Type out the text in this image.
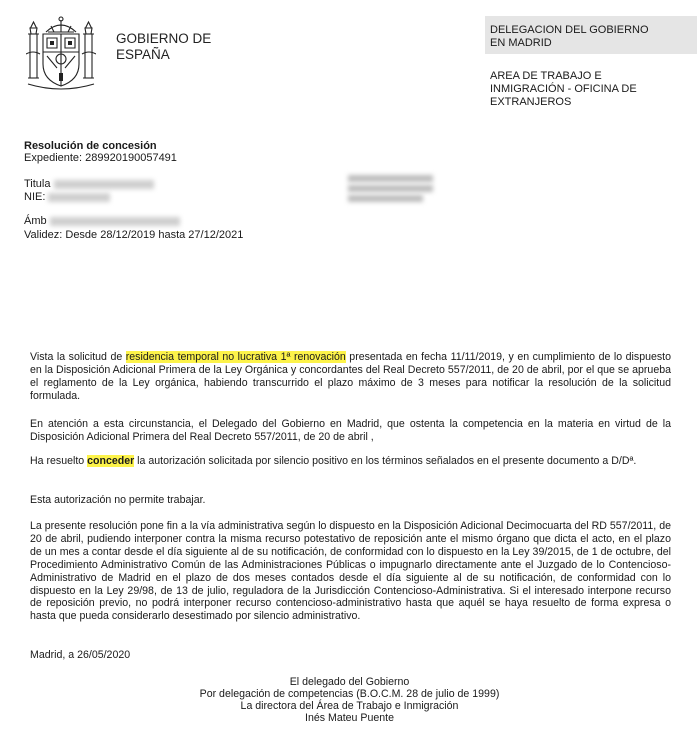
GOBIERNO DE
ESPAÑA
DELEGACION DEL GOBIERNO
EN MADRID
AREA DE TRABAJO E
INMIGRACIÓN - OFICINA DE
EXTRANJEROS
Resolución de concesión
Expediente: 289920190057491
Titula
NIE:
Ámb
Validez: Desde 28/12/2019 hasta 27/12/2021

Vista la solicitud de residencia temporal no lucrativa 1ª renovación presentada en fecha 11/11/2019, y en cumplimiento de lo dispuesto en la Disposición Adicional Primera de la Ley Orgánica y concordantes del Real Decreto 557/2011, de 20 de abril, por el que se aprueba el reglamento de la Ley orgánica, habiendo transcurrido el plazo máximo de 3 meses para notificar la resolución de la solicitud formulada.

En atención a esta circunstancia, el Delegado del Gobierno en Madrid, que ostenta la competencia en la materia en virtud de la Disposición Adicional Primera del Real Decreto 557/2011, de 20 de abril ,

Ha resuelto conceder la autorización solicitada por silencio positivo en los términos señalados en el presente documento a D/Dª.

Esta autorización no permite trabajar.

La presente resolución pone fin a la vía administrativa según lo dispuesto en la Disposición Adicional Decimocuarta del RD 557/2011, de 20 de abril, pudiendo interponer contra la misma recurso potestativo de reposición ante el mismo órgano que dicta el acto, en el plazo de un mes a contar desde el día siguiente al de su notificación, de conformidad con lo dispuesto en la Ley 39/2015, de 1 de octubre, del Procedimiento Administrativo Común de las Administraciones Públicas o impugnarlo directamente ante el Juzgado de lo Contencioso-Administrativo de Madrid en el plazo de dos meses contados desde el día siguiente al de su notificación, de conformidad con lo dispuesto en la Ley 29/98, de 13 de julio, reguladora de la Jurisdicción Contencioso-Administrativa. Si el interesado interpone recurso de reposición previo, no podrá interponer recurso contencioso-administrativo hasta que aquél se haya resuelto de forma expresa o hasta que pueda considerarlo desestimado por silencio administrativo.

Madrid, a 26/05/2020

El delegado del Gobierno
Por delegación de competencias (B.O.C.M. 28 de julio de 1999)
La directora del Área de Trabajo e Inmigración
Inés Mateu Puente
